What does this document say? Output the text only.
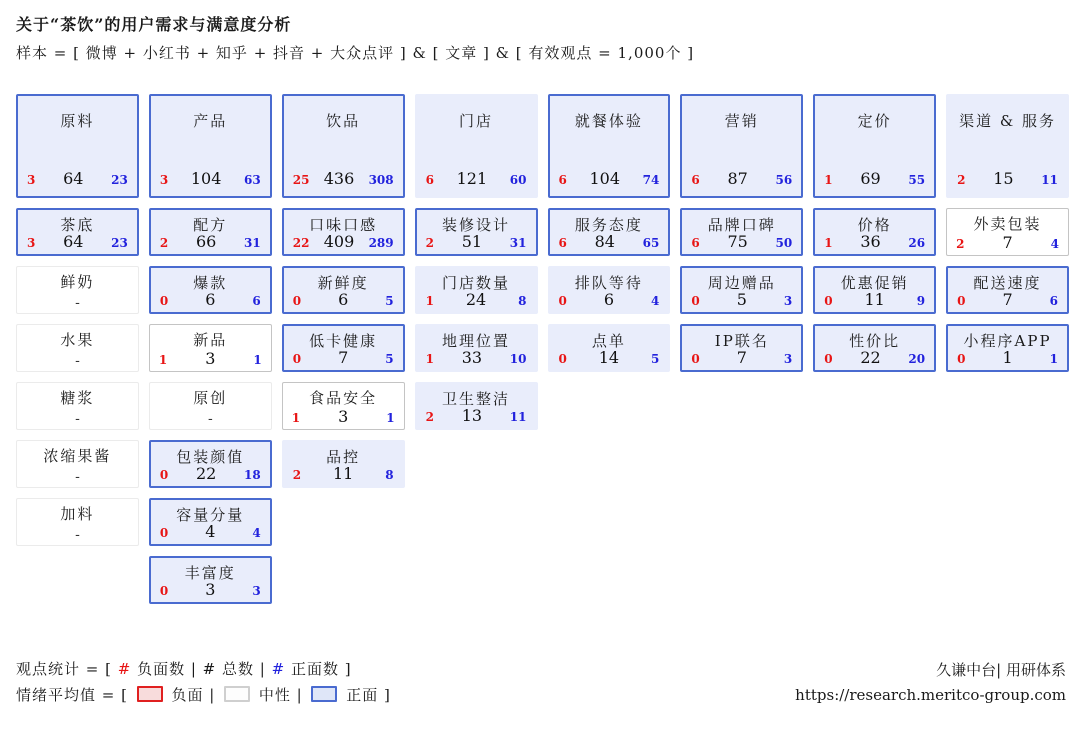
关于“茶饮”的用户需求与满意度分析
样本 = [ 微博 + 小红书 + 知乎 + 抖音 + 大众点评 ] & [ 文章 ] & [ 有效观点 = 1,000个 ]
原料
3 64 23
产品
3 104 63
饮品
25 436 308
门店
6 121 60
就餐体验
6 104 74
营销
6 87 56
定价
1 69 55
渠道 & 服务
2 15 11
茶底
3 64 23
配方
2 66 31
口味口感
22 409 289
装修设计
2 51 31
服务态度
6 84 65
品牌口碑
6 75 50
价格
1 36 26
外卖包装
2 7	4
鲜奶
-
爆款
0 6	6
新鲜度
0 6	5
门店数量
1 24	8
排队等待
0 6	4
周边赠品
0 5	3
优惠促销
0 11	9
配送速度
0 7	6
水果
-
新品
1 3	1
低卡健康
0 7	5
地理位置
1 33 10
点单
0 14	5
IP联名
0 7	3
性价比
0 22 20
小程序APP
0 1	1
糖浆
-
原创
-
食品安全
1 3	1
卫生整洁
2 13 11
浓缩果酱
-
包装颜值
0 22 18
品控
2 11	8
加料
-
容量分量
0 4	4
丰富度
0 3	3
观点统计 = [ # 负面数 | # 总数 | # 正面数 ]
情绪平均值 = [  负面 |  中性 |  正面 ]
久谦中台| 用研体系
https://research.meritco-group.com
